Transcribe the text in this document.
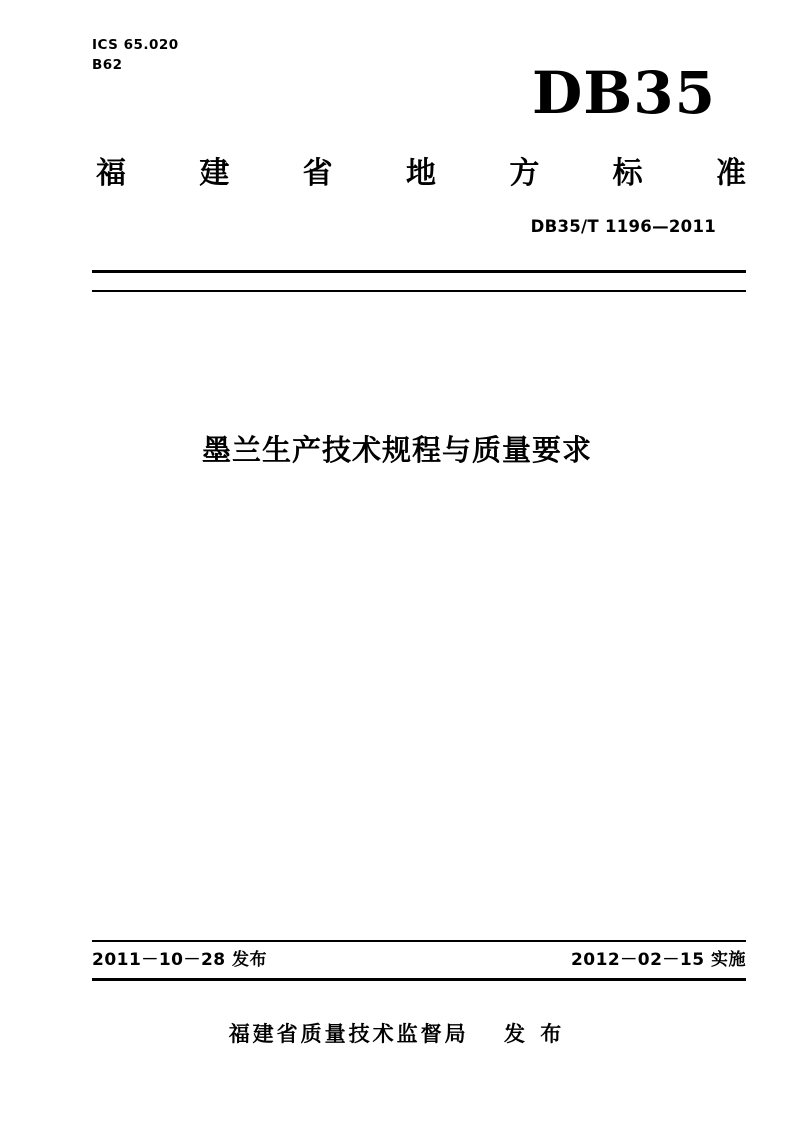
ICS 65.020
B62	DB35
福 建 省 地 方 标 准
DB35/T 1196—2011
墨兰生产技术规程与质量要求
2011－10－28 发布	2012－02－15 实施
福建省质量技术监督局 发 布
